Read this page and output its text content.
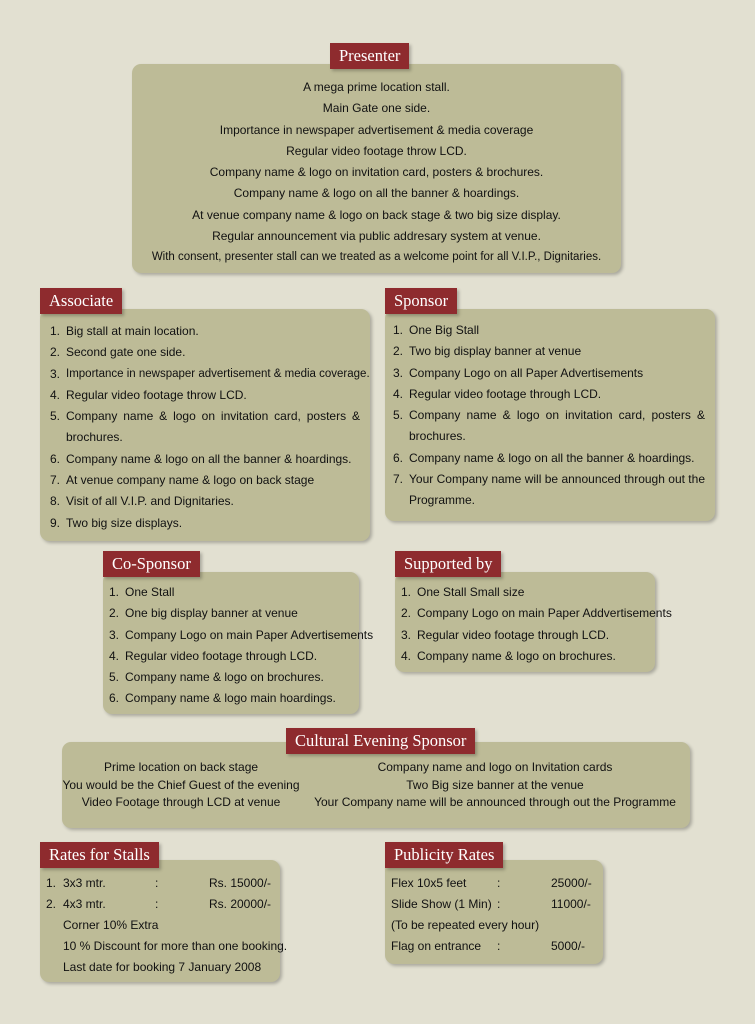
Presenter
A mega prime location stall.
Main Gate one side.
Importance in newspaper advertisement & media coverage
Regular video footage throw LCD.
Company name & logo on invitation card, posters & brochures.
Company name & logo on all the banner & hoardings.
At venue company name & logo on back stage & two big size display.
Regular announcement via public addresary system at venue.
With consent, presenter stall can we treated as a welcome point for all V.I.P., Dignitaries.
Associate
1. Big stall at main location.
2. Second gate one side.
3. Importance in newspaper advertisement & media coverage.
4. Regular video footage throw LCD.
5. Company name & logo on invitation card, posters & brochures.
6. Company name & logo on all the banner & hoardings.
7. At venue company name & logo on back stage
8. Visit of all V.I.P. and Dignitaries.
9. Two big size displays.
Sponsor
1. One Big Stall
2. Two big display banner at venue
3. Company Logo on all Paper Advertisements
4. Regular video footage through LCD.
5. Company name & logo on invitation card, posters & brochures.
6. Company name & logo on all the banner & hoardings.
7. Your Company name will be announced through out the Programme.
Co-Sponsor
1. One Stall
2. One big display banner at venue
3. Company Logo on main Paper Advertisements
4. Regular video footage through LCD.
5. Company name & logo on brochures.
6. Company name & logo main hoardings.
Supported by
1. One Stall Small size
2. Company Logo on main Paper Addvertisements
3. Regular video footage through LCD.
4. Company name & logo on brochures.
Cultural Evening Sponsor
Prime location on back stage
You would be the Chief Guest of the evening
Video Footage through LCD at venue
Company name and logo on Invitation cards
Two Big size banner at the venue
Your Company name will be announced through out the Programme
Rates for Stalls
1. 3x3 mtr.	:	Rs. 15000/-
2. 4x3 mtr.	:	Rs. 20000/-
Corner 10% Extra
10 % Discount for more than one booking.
Last date for booking 7 January 2008
Publicity Rates
Flex 10x5 feet	:	25000/-
Slide Show (1 Min) :	11000/-
(To be repeated every hour)
Flag on entrance	:	5000/-
